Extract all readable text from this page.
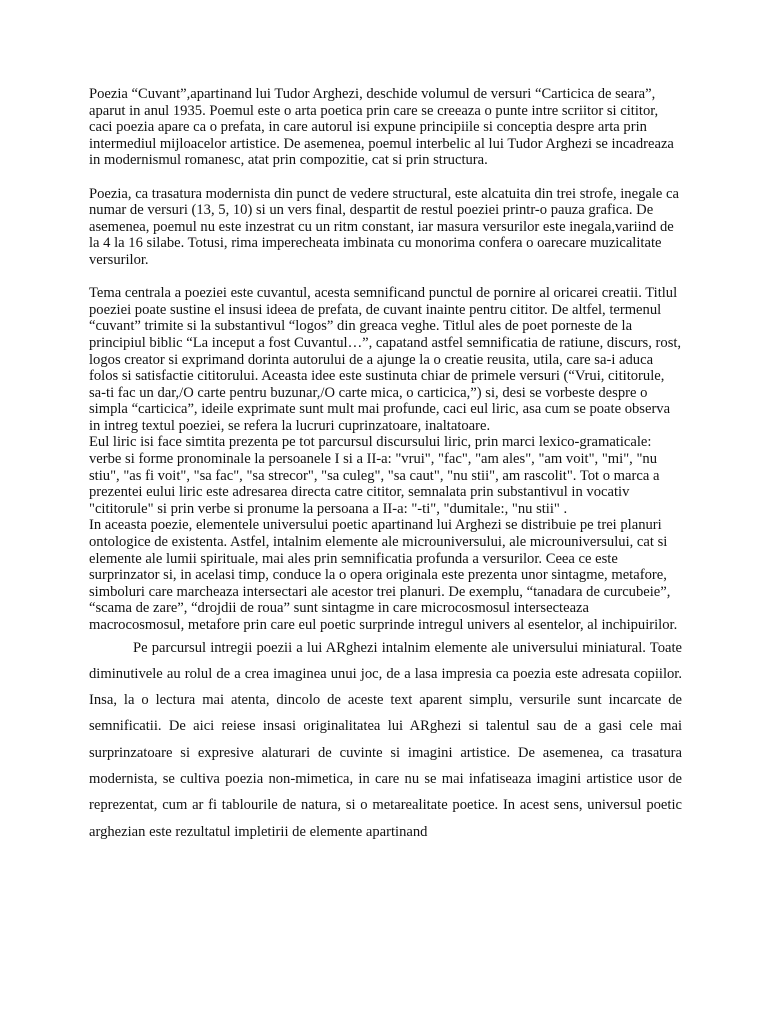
Poezia “Cuvant”,apartinand lui Tudor Arghezi, deschide volumul de versuri “Carticica de seara”, aparut in anul 1935. Poemul este o arta poetica prin care se creeaza o punte intre scriitor si cititor, caci poezia apare ca o prefata, in care autorul isi expune principiile si conceptia despre arta prin intermediul mijloacelor artistice. De asemenea, poemul interbelic al lui Tudor Arghezi se incadreaza in modernismul romanesc, atat prin compozitie, cat si prin structura.

Poezia, ca trasatura modernista din punct de vedere structural, este alcatuita din trei strofe, inegale ca numar de versuri (13, 5, 10) si un vers final, despartit de restul poeziei printr-o pauza grafica. De asemenea, poemul nu este inzestrat cu un ritm constant, iar masura versurilor este inegala,variind de la 4 la 16 silabe. Totusi, rima imperecheata imbinata cu monorima confera o oarecare muzicalitate versurilor.

Tema centrala a poeziei este cuvantul, acesta semnificand punctul de pornire al oricarei creatii. Titlul poeziei poate sustine el insusi ideea de prefata, de cuvant inainte pentru cititor. De altfel, termenul “cuvant” trimite si la substantivul “logos” din greaca veghe. Titlul ales de poet porneste de la principiul biblic “La inceput a fost Cuvantul…”, capatand astfel semnificatia de ratiune, discurs, rost, logos creator si exprimand dorinta autorului de a ajunge la o creatie reusita, utila, care sa-i aduca folos si satisfactie cititorului. Aceasta idee este sustinuta chiar de primele versuri (“Vrui, cititorule, sa-ti fac un dar,/O carte pentru buzunar,/O carte mica, o carticica,”) si, desi se vorbeste despre o simpla “carticica”, ideile exprimate sunt mult mai profunde, caci eul liric, asa cum se poate observa in intreg textul poeziei, se refera la lucruri cuprinzatoare, inaltatoare.

Eul liric isi face simtita prezenta pe tot parcursul discursului liric, prin marci lexico-gramaticale: verbe si forme pronominale la persoanele I si a II-a: "vrui", "fac", "am ales", "am voit", "mi", "nu stiu", "as fi voit", "sa fac", "sa strecor", "sa culeg", "sa caut", "nu stii", am rascolit". Tot o marca a prezentei eului liric este adresarea directa catre cititor, semnalata prin substantivul in vocativ "cititorule" si prin verbe si pronume la persoana a II-a: "-ti", "dumitale:, "nu stii" .

In aceasta poezie, elementele universului poetic apartinand lui Arghezi se distribuie pe trei planuri ontologice de existenta. Astfel, intalnim elemente ale microuniversului, ale microuniversului, cat si elemente ale lumii spirituale, mai ales prin semnificatia profunda a versurilor. Ceea ce este surprinzator si, in acelasi timp, conduce la o opera originala este prezenta unor sintagme, metafore, simboluri care marcheaza intersectari ale acestor trei planuri. De exemplu, “tanadara de curcubeie”, “scama de zare”, “drojdii de roua” sunt sintagme in care microcosmosul intersecteaza macrocosmosul, metafore prin care eul poetic surprinde intregul univers al esentelor, al inchipuirilor.

Pe parcursul intregii poezii a lui ARghezi intalnim elemente ale universului miniatural. Toate diminutivele au rolul de a crea imaginea unui joc, de a lasa impresia ca poezia este adresata copiilor. Insa, la o lectura mai atenta, dincolo de aceste text aparent simplu, versurile sunt incarcate de semnificatii. De aici reiese insasi originalitatea lui ARghezi si talentul sau de a gasi cele mai surprinzatoare si expresive alaturari de cuvinte si imagini artistice. De asemenea, ca trasatura modernista, se cultiva poezia non-mimetica, in care nu se mai infatiseaza imagini artistice usor de reprezentat, cum ar fi tablourile de natura, si o metarealitate poetice. In acest sens, universul poetic arghezian este rezultatul impletirii de elemente apartinand
